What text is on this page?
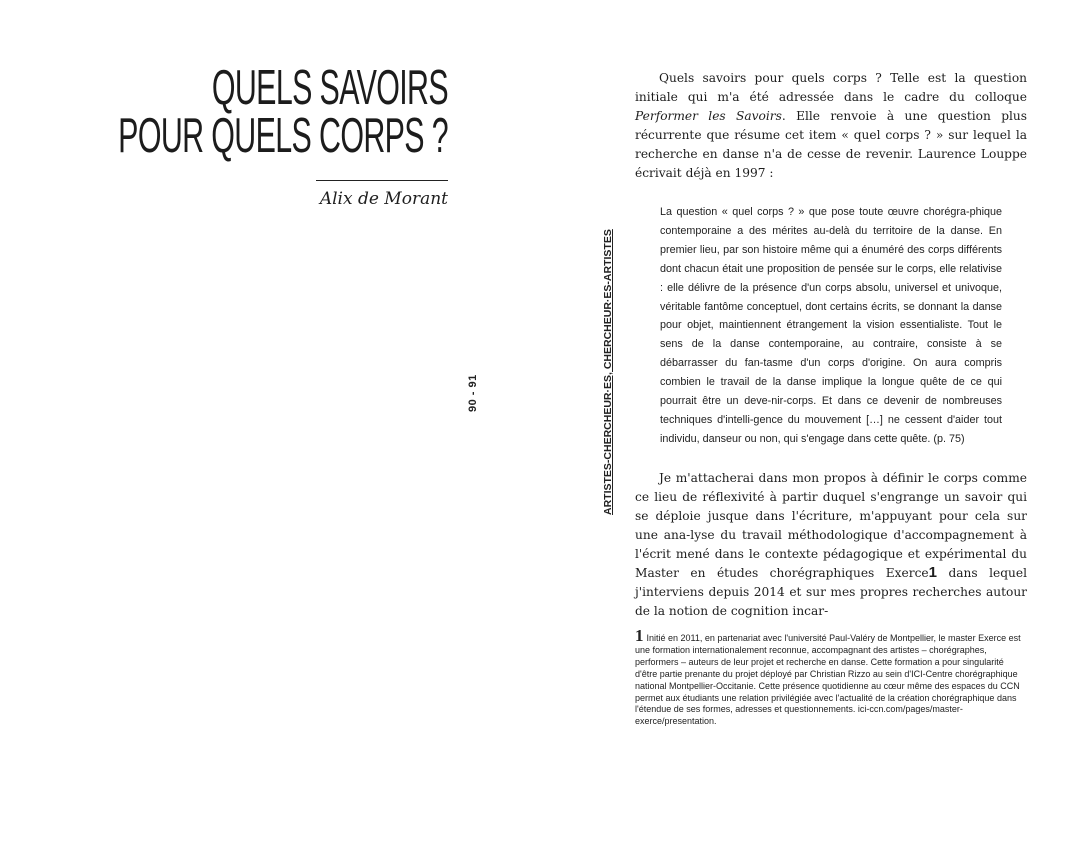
QUELS SAVOIRS
POUR QUELS CORPS ?
Alix de Morant
90 - 91	ARTISTES-CHERCHEUR·ES, CHERCHEUR·ES-ARTISTES

Quels savoirs pour quels corps ? Telle est la question initiale qui m'a été adressée dans le cadre du colloque Performer les Savoirs. Elle renvoie à une question plus récurrente que résume cet item « quel corps ? » sur lequel la recherche en danse n'a de cesse de revenir. Laurence Louppe écrivait déjà en 1997 :

La question « quel corps ? » que pose toute œuvre chorégra-phique contemporaine a des mérites au-delà du territoire de la danse. En premier lieu, par son histoire même qui a énuméré des corps différents dont chacun était une proposition de pensée sur le corps, elle relativise : elle délivre de la présence d'un corps absolu, universel et univoque, véritable fantôme conceptuel, dont certains écrits, se donnant la danse pour objet, maintiennent étrangement la vision essentialiste. Tout le sens de la danse contemporaine, au contraire, consiste à se débarrasser du fan-tasme d'un corps d'origine. On aura compris combien le travail de la danse implique la longue quête de ce qui pourrait être un deve-nir-corps. Et dans ce devenir de nombreuses techniques d'intelli-gence du mouvement […] ne cessent d'aider tout individu, danseur ou non, qui s'engage dans cette quête. (p. 75)

Je m'attacherai dans mon propos à définir le corps comme ce lieu de réflexivité à partir duquel s'engrange un savoir qui se déploie jusque dans l'écriture, m'appuyant pour cela sur une ana-lyse du travail méthodologique d'accompagnement à l'écrit mené dans le contexte pédagogique et expérimental du Master en études chorégraphiques Exerce1 dans lequel j'interviens depuis 2014 et sur mes propres recherches autour de la notion de cognition incar-

1 Initié en 2011, en partenariat avec l'université Paul-Valéry de Montpellier, le master Exerce est une formation internationalement reconnue, accompagnant des artistes – chorégraphes, performers – auteurs de leur projet et recherche en danse. Cette formation a pour singularité d'être partie prenante du projet déployé par Christian Rizzo au sein d'ICI-Centre chorégraphique national Montpellier-Occitanie. Cette présence quotidienne au cœur même des espaces du CCN permet aux étudiants une relation privilégiée avec l'actualité de la création chorégraphique dans l'étendue de ses formes, adresses et questionnements. ici-ccn.com/pages/master-exerce/presentation.
